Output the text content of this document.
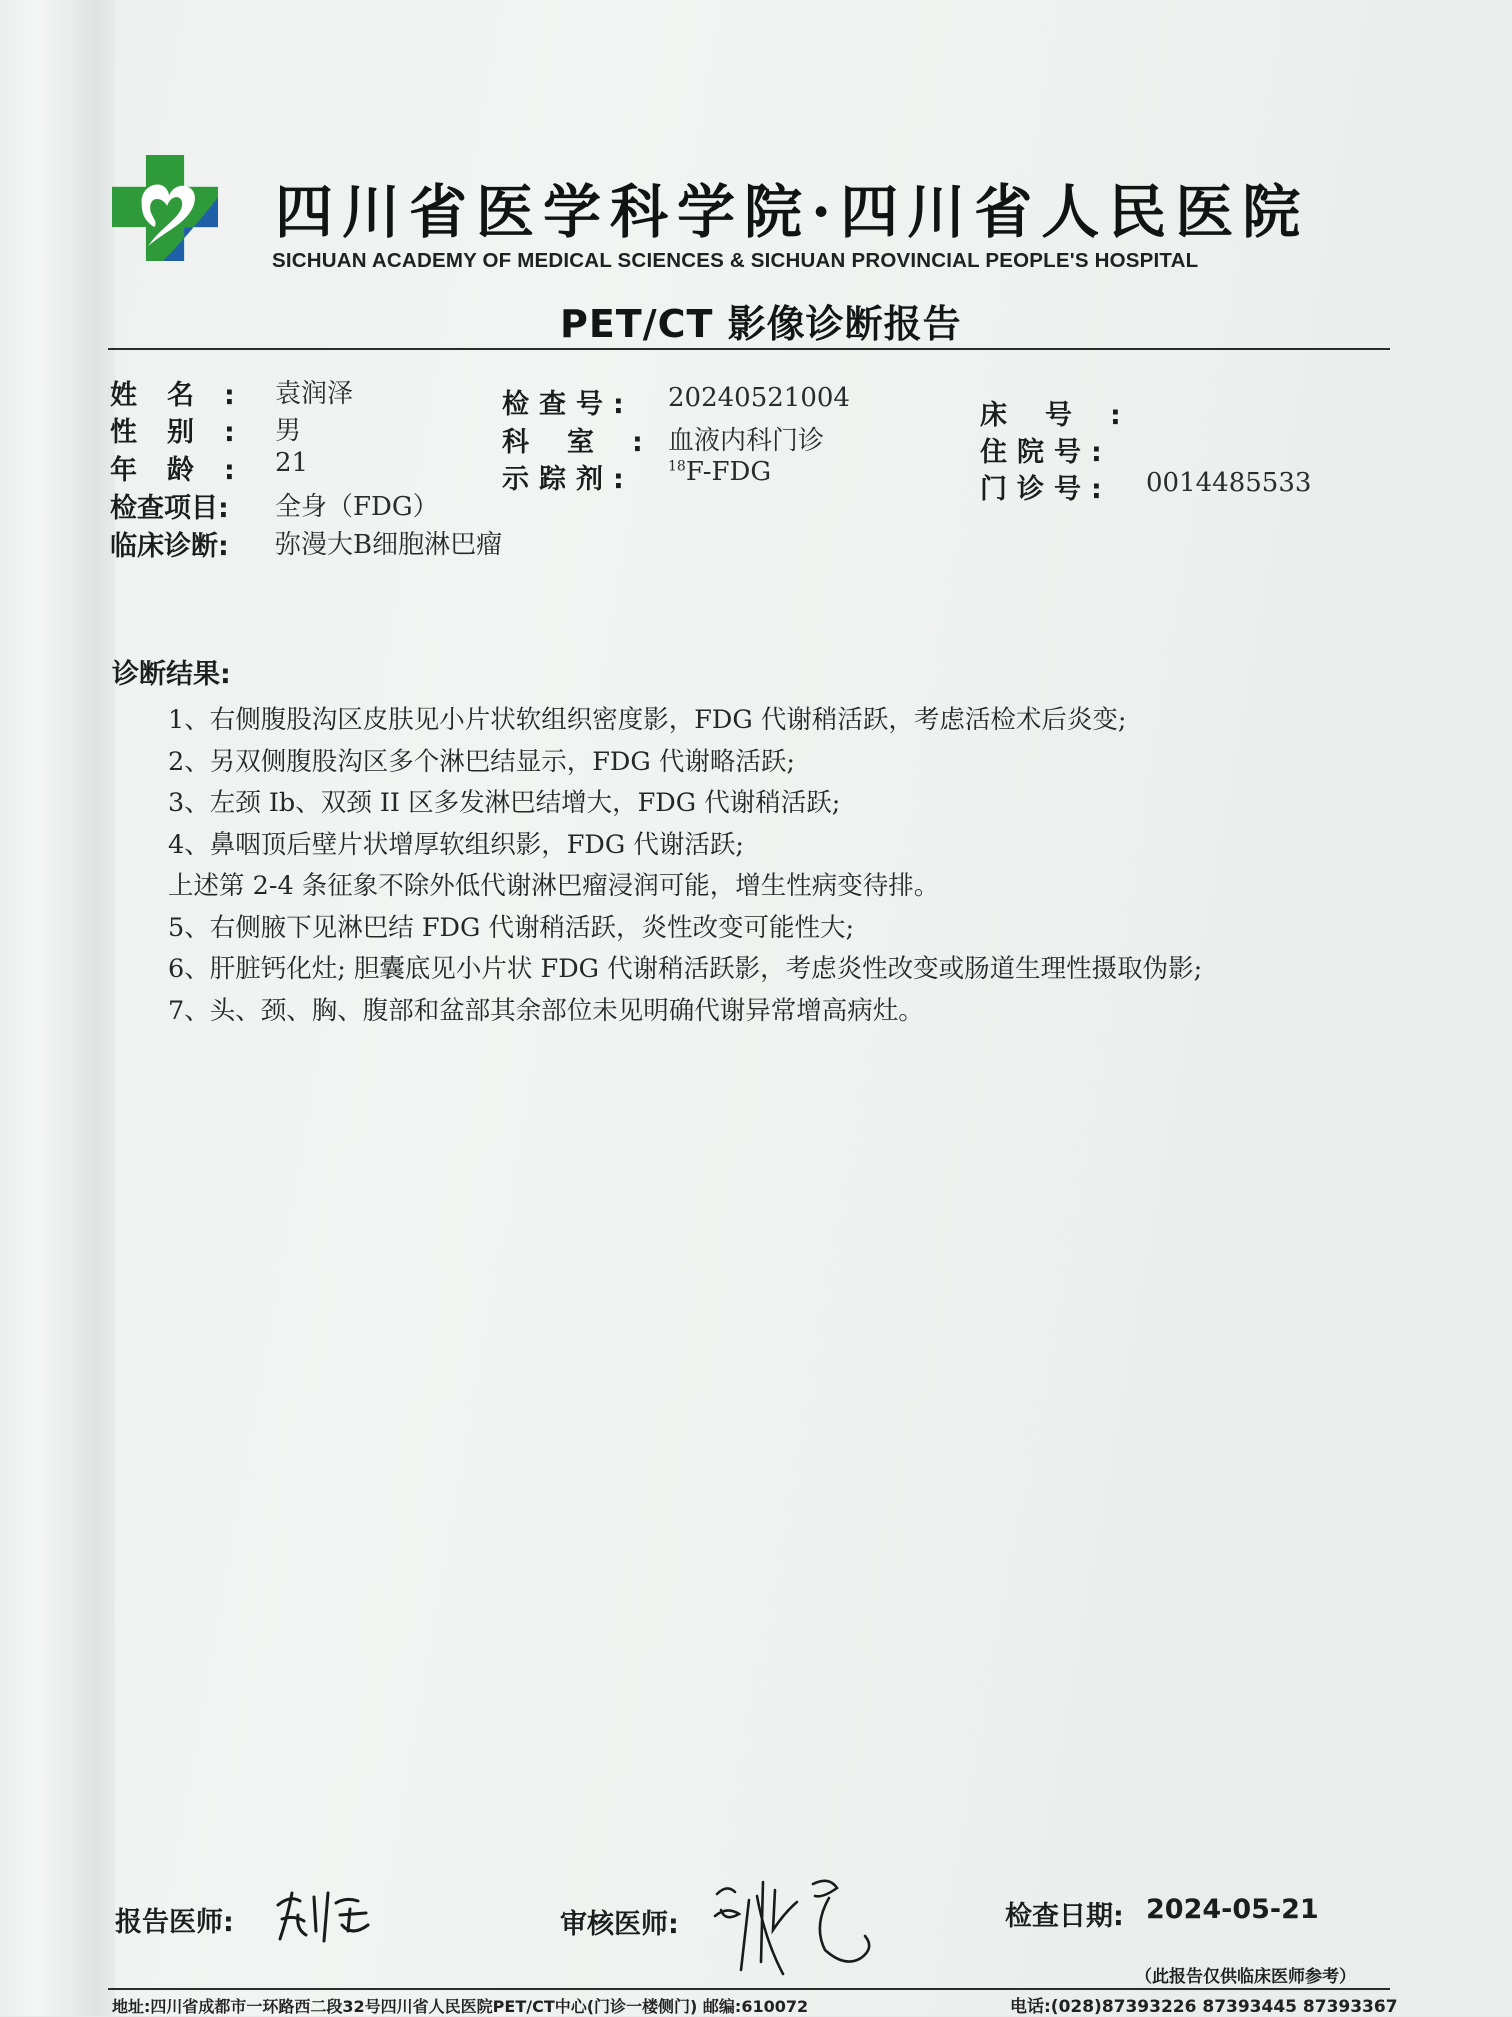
四川省医学科学院·四川省人民医院
SICHUAN ACADEMY OF MEDICAL SCIENCES & SICHUAN PROVINCIAL PEOPLE'S HOSPITAL
PET/CT 影像诊断报告
姓名: 袁润泽
性别: 男
年龄: 21
检查项目: 全身（FDG）
临床诊断: 弥漫大B细胞淋巴瘤
检查号: 20240521004
科室:
血液内科门诊
示踪剂: $^{18}$F-FDG
床号:
住院号:
门诊号: 0014485533
诊断结果:
1、右侧腹股沟区皮肤见小片状软组织密度影，FDG 代谢稍活跃，考虑活检术后炎变;
2、另双侧腹股沟区多个淋巴结显示，FDG 代谢略活跃;
3、左颈 Ib、双颈 II 区多发淋巴结增大，FDG 代谢稍活跃;
4、鼻咽顶后壁片状增厚软组织影，FDG 代谢活跃;
上述第 2-4 条征象不除外低代谢淋巴瘤浸润可能，增生性病变待排。
5、右侧腋下见淋巴结 FDG 代谢稍活跃，炎性改变可能性大;
6、肝脏钙化灶; 胆囊底见小片状 FDG 代谢稍活跃影，考虑炎性改变或肠道生理性摄取伪影;
7、头、颈、胸、腹部和盆部其余部位未见明确代谢异常增高病灶。
报告医师:	审核医师:	检查日期: 2024-05-21
（此报告仅供临床医师参考）
地址:四川省成都市一环路西二段32号四川省人民医院PET/CT中心(门诊一楼侧门) 邮编:610072	电话:(028)87393226 87393445 87393367
